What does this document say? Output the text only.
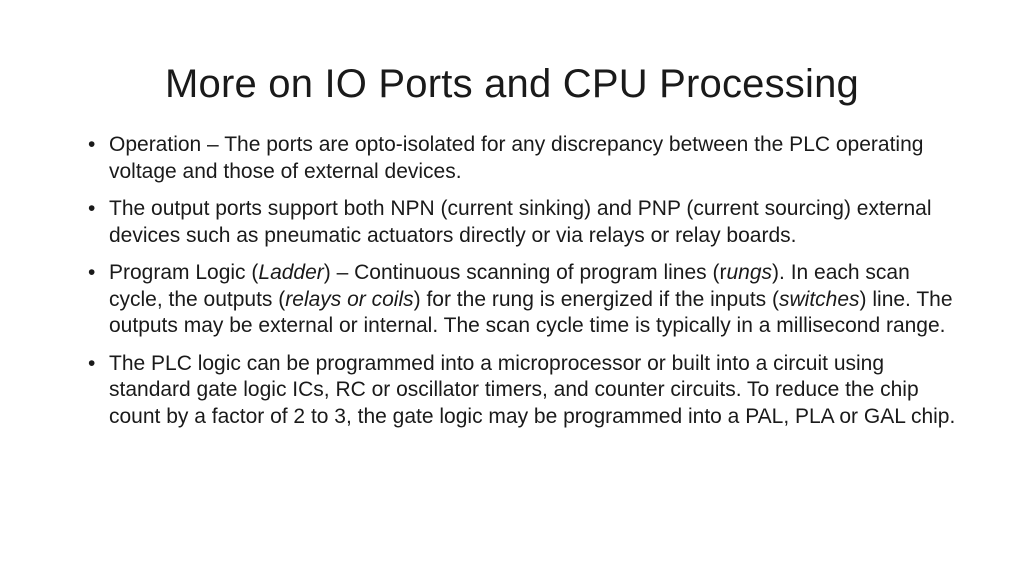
More on IO Ports and CPU Processing
• Operation – The ports are opto-isolated for any discrepancy between the PLC operating voltage and those of external devices.
• The output ports support both NPN (current sinking) and PNP (current sourcing) external devices such as pneumatic actuators directly or via relays or relay boards.
• Program Logic (Ladder) – Continuous scanning of program lines (rungs). In each scan cycle, the outputs (relays or coils) for the rung is energized if the inputs (switches) line. The outputs may be external or internal. The scan cycle time is typically in a millisecond range.
• The PLC logic can be programmed into a microprocessor or built into a circuit using standard gate logic ICs, RC or oscillator timers, and counter circuits. To reduce the chip count by a factor of 2 to 3, the gate logic may be programmed into a PAL, PLA or GAL chip.
